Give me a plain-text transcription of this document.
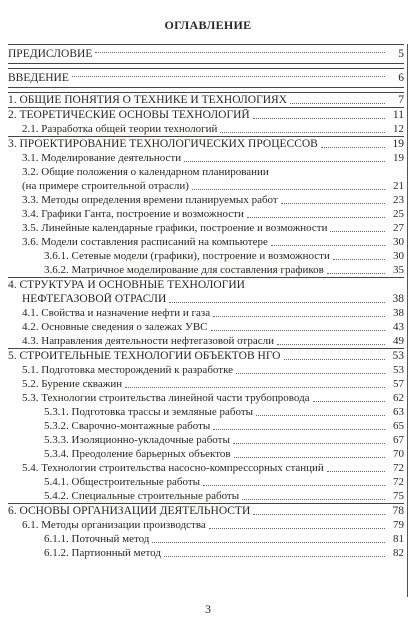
ОГЛАВЛЕНИЕ
ПРЕДИСЛОВИЕ	5
ВВЕДЕНИЕ	6
1. ОБЩИЕ ПОНЯТИЯ О ТЕХНИКЕ И ТЕХНОЛОГИЯХ	7
2. ТЕОРЕТИЧЕСКИЕ ОСНОВЫ ТЕХНОЛОГИЙ	11
2.1. Разработка общей теории технологий	12
3. ПРОЕКТИРОВАНИЕ ТЕХНОЛОГИЧЕСКИХ ПРОЦЕССОВ	19
3.1. Моделирование деятельности	19
3.2. Общие положения о календарном планировании
(на примере строительной отрасли)	21
3.3. Методы определения времени планируемых работ	23
3.4. Графики Ганта, построение и возможности	25
3.5. Линейные календарные графики, построение и возможности	27
3.6. Модели составления расписаний на компьютере	30
3.6.1. Сетевые модели (графики), построение и возможности	30
3.6.2. Матричное моделирование для составления графиков	35
4. СТРУКТУРА И ОСНОВНЫЕ ТЕХНОЛОГИИ
НЕФТЕГАЗОВОЙ ОТРАСЛИ	38
4.1. Свойства и назначение нефти и газа	38
4.2. Основные сведения о залежах УВС	43
4.3. Направления деятельности нефтегазовой отрасли	49
5. СТРОИТЕЛЬНЫЕ ТЕХНОЛОГИИ ОБЪЕКТОВ НГО	53
5.1. Подготовка месторождений к разработке	53
5.2. Бурение скважин	57
5.3. Технологии строительства линейной части трубопровода	62
5.3.1. Подготовка трассы и земляные работы	63
5.3.2. Сварочно-монтажные работы	65
5.3.3. Изоляционно-укладочные работы	67
5.3.4. Преодоление барьерных объектов	70
5.4. Технологии строительства насосно-компрессорных станций	72
5.4.1. Общестроительные работы	72
5.4.2. Специальные строительные работы	75
6. ОСНОВЫ ОРГАНИЗАЦИИ ДЕЯТЕЛЬНОСТИ	78
6.1. Методы организации производства	79
6.1.1. Поточный метод	81
6.1.2. Партионный метод	82
3
